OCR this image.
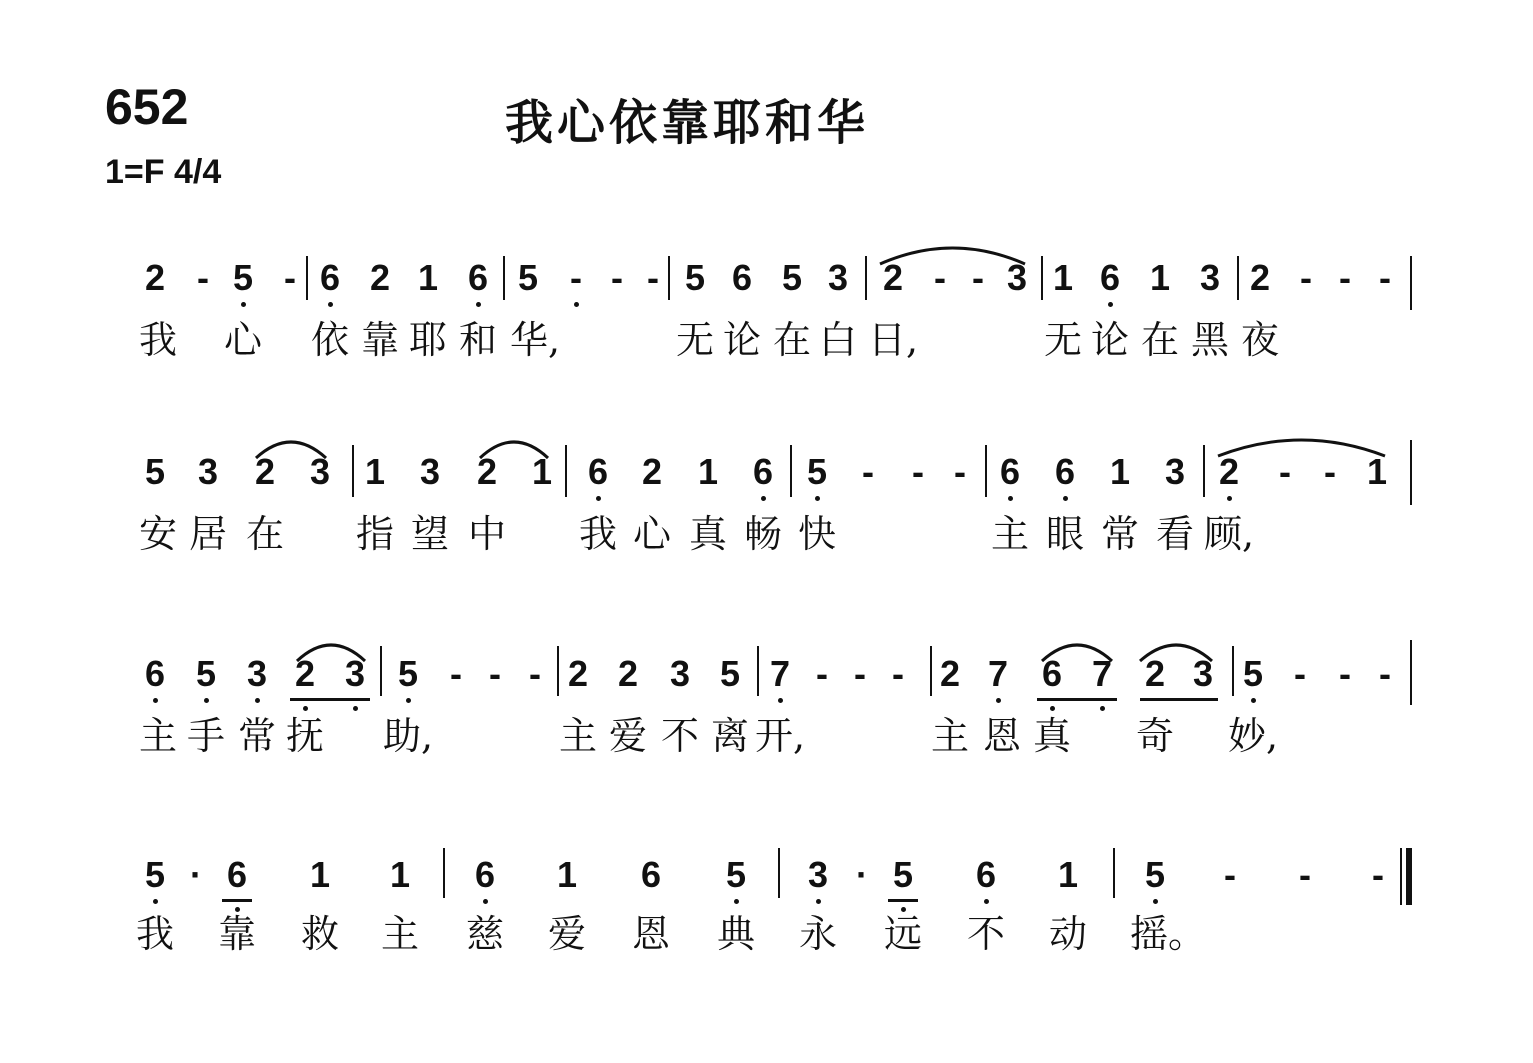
652	我心依靠耶和华
1=F 4/4
2 - 5 - 6 2 1 6 5 - - - 5 6 5 3 2 - - 3 1 6 1 3 2 - - -
我 心 依 靠 耶 和 华,	无 论 在 白 日,	无 论 在 黑 夜
5 3 2 3 1 3 2 1 6 2 1 6 5 -	- - 6 6 1 3 2	- - 1
安 居 在 指 望 中 我 心 真 畅 快	主 眼 常 看 顾,
6 5 3 2 3 5 - - - 2 2 3 5 7 - - - 2 7 6 7 2 3 5 - - -
主 手 常 抚 助,	主 爱 不 离 开,	主 恩 真 奇 妙,
5 · 6 1 1 6 1 6 5 3 · 5 6 1 5	-	-	-
我 靠 救 主 慈 爱 恩 典 永 远 不 动 摇。
